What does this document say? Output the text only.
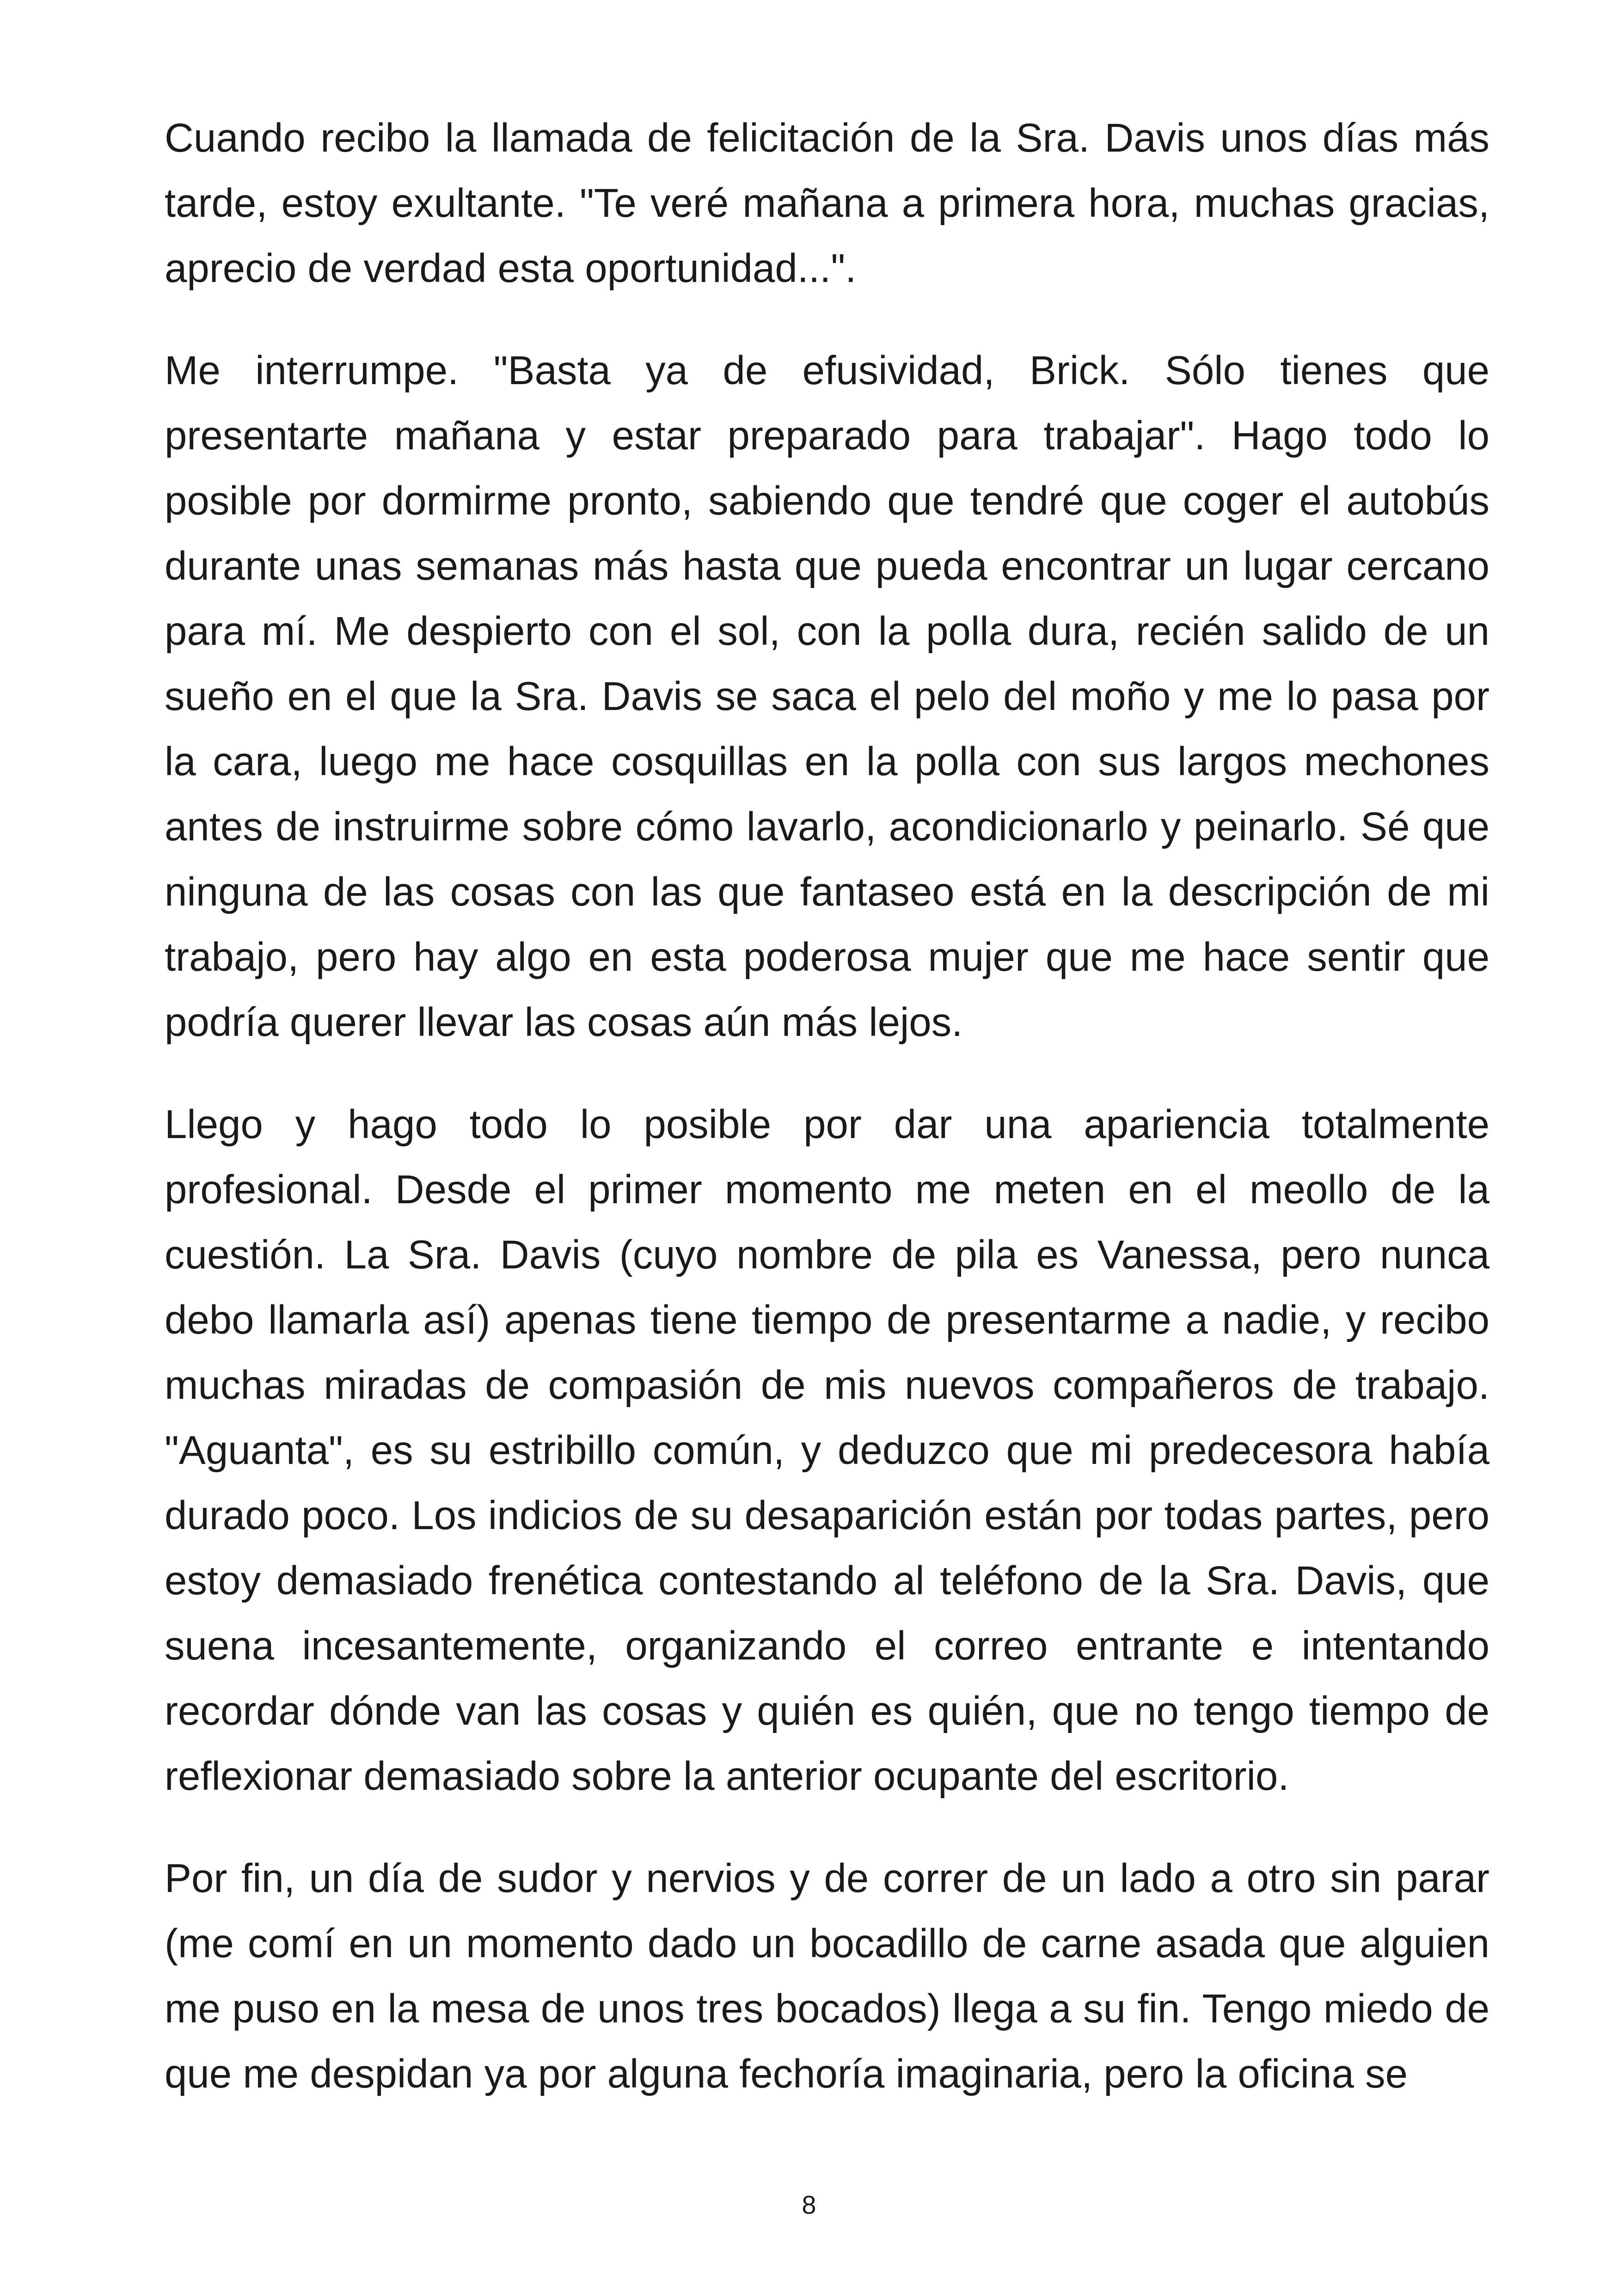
Cuando recibo la llamada de felicitación de la Sra. Davis unos días más tarde, estoy exultante. "Te veré mañana a primera hora, muchas gracias, aprecio de verdad esta oportunidad...".

Me interrumpe. "Basta ya de efusividad, Brick. Sólo tienes que presentarte mañana y estar preparado para trabajar". Hago todo lo posible por dormirme pronto, sabiendo que tendré que coger el autobús durante unas semanas más hasta que pueda encontrar un lugar cercano para mí. Me despierto con el sol, con la polla dura, recién salido de un sueño en el que la Sra. Davis se saca el pelo del moño y me lo pasa por la cara, luego me hace cosquillas en la polla con sus largos mechones antes de instruirme sobre cómo lavarlo, acondicionarlo y peinarlo. Sé que ninguna de las cosas con las que fantaseo está en la descripción de mi trabajo, pero hay algo en esta poderosa mujer que me hace sentir que podría querer llevar las cosas aún más lejos.

Llego y hago todo lo posible por dar una apariencia totalmente profesional. Desde el primer momento me meten en el meollo de la cuestión. La Sra. Davis (cuyo nombre de pila es Vanessa, pero nunca debo llamarla así) apenas tiene tiempo de presentarme a nadie, y recibo muchas miradas de compasión de mis nuevos compañeros de trabajo. "Aguanta", es su estribillo común, y deduzco que mi predecesora había durado poco. Los indicios de su desaparición están por todas partes, pero estoy demasiado frenética contestando al teléfono de la Sra. Davis, que suena incesantemente, organizando el correo entrante e intentando recordar dónde van las cosas y quién es quién, que no tengo tiempo de reflexionar demasiado sobre la anterior ocupante del escritorio.

Por fin, un día de sudor y nervios y de correr de un lado a otro sin parar (me comí en un momento dado un bocadillo de carne asada que alguien me puso en la mesa de unos tres bocados) llega a su fin. Tengo miedo de que me despidan ya por alguna fechoría imaginaria, pero la oficina se

8
